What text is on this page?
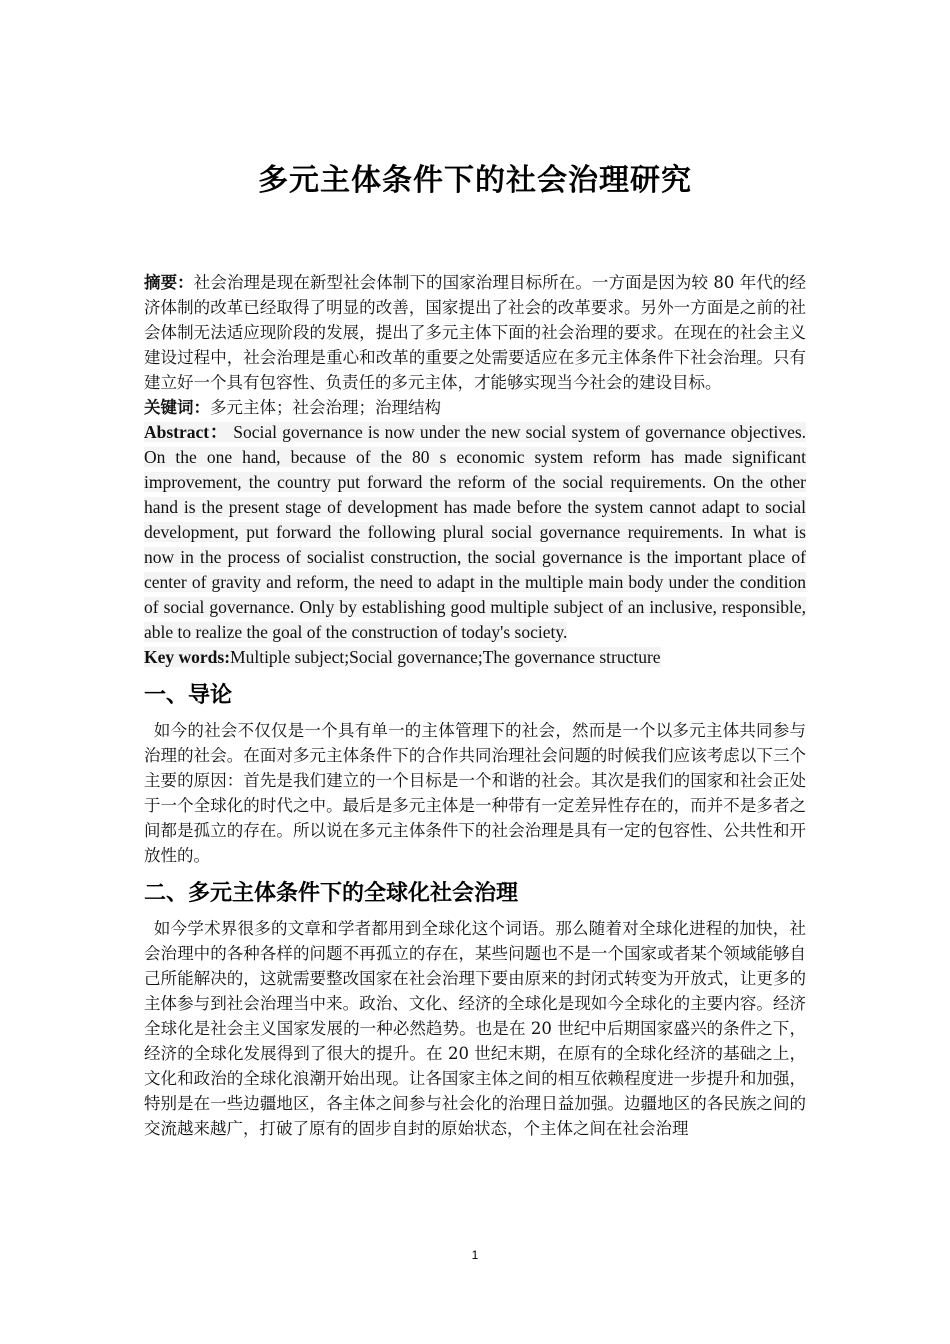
多元主体条件下的社会治理研究

摘要：社会治理是现在新型社会体制下的国家治理目标所在。一方面是因为较 80 年代的经济体制的改革已经取得了明显的改善，国家提出了社会的改革要求。另外一方面是之前的社会体制无法适应现阶段的发展，提出了多元主体下面的社会治理的要求。在现在的社会主义建设过程中，社会治理是重心和改革的重要之处需要适应在多元主体条件下社会治理。只有建立好一个具有包容性、负责任的多元主体，才能够实现当今社会的建设目标。

关键词：多元主体；社会治理；治理结构

Abstract： Social governance is now under the new social system of governance objectives. On the one hand, because of the 80 s economic system reform has made significant improvement, the country put forward the reform of the social requirements. On the other hand is the present stage of development has made before the system cannot adapt to social development, put forward the following plural social governance requirements. In what is now in the process of socialist construction, the social governance is the important place of center of gravity and reform, the need to adapt in the multiple main body under the condition of social governance. Only by establishing good multiple subject of an inclusive, responsible, able to realize the goal of the construction of today's society.

Key words:Multiple subject;Social governance;The governance structure

一、导论

如今的社会不仅仅是一个具有单一的主体管理下的社会，然而是一个以多元主体共同参与治理的社会。在面对多元主体条件下的合作共同治理社会问题的时候我们应该考虑以下三个主要的原因：首先是我们建立的一个目标是一个和谐的社会。其次是我们的国家和社会正处于一个全球化的时代之中。最后是多元主体是一种带有一定差异性存在的，而并不是多者之间都是孤立的存在。所以说在多元主体条件下的社会治理是具有一定的包容性、公共性和开放性的。

二、多元主体条件下的全球化社会治理

如今学术界很多的文章和学者都用到全球化这个词语。那么随着对全球化进程的加快，社会治理中的各种各样的问题不再孤立的存在，某些问题也不是一个国家或者某个领域能够自己所能解决的，这就需要整改国家在社会治理下要由原来的封闭式转变为开放式，让更多的主体参与到社会治理当中来。政治、文化、经济的全球化是现如今全球化的主要内容。经济全球化是社会主义国家发展的一种必然趋势。也是在 20 世纪中后期国家盛兴的条件之下，经济的全球化发展得到了很大的提升。在 20 世纪末期，在原有的全球化经济的基础之上，文化和政治的全球化浪潮开始出现。让各国家主体之间的相互依赖程度进一步提升和加强，特别是在一些边疆地区，各主体之间参与社会化的治理日益加强。边疆地区的各民族之间的交流越来越广，打破了原有的固步自封的原始状态，个主体之间在社会治理

1
